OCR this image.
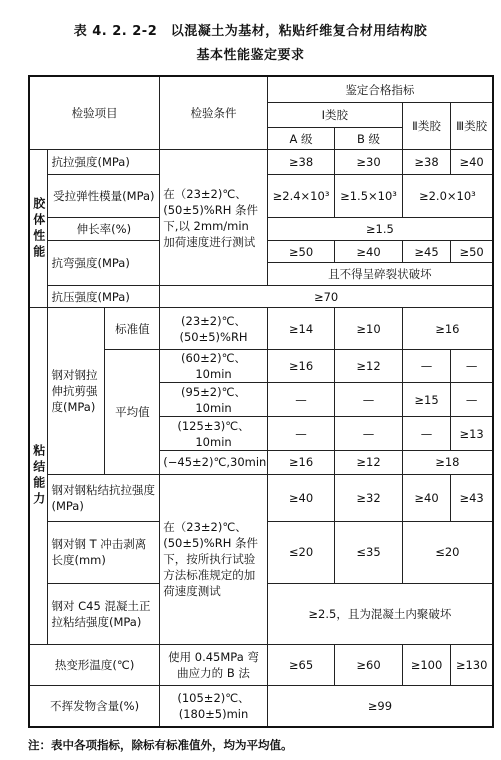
表 4. 2. 2-2　以混凝土为基材，粘贴纤维复合材用结构胶
基本性能鉴定要求
检验项目			检验条件	鉴定合格指标			
				Ⅰ类胶		Ⅱ类胶	Ⅲ类胶
				A 级	B 级		
胶体性能	抗拉强度(MPa)		在（23±2)℃、(50±5)%RH 条件下,以 2mm/min 加荷速度进行测试	≥38	≥30	≥38	≥40
	受拉弹性模量(MPa)			≥2.4×10³	≥1.5×10³	≥2.0×10³	
	伸长率(%)			≥1.5			
	抗弯强度(MPa)			≥50	≥40	≥45	≥50
				且不得呈碎裂状破坏			
	抗压强度(MPa)		≥70				
粘结能力	钢对钢拉伸抗剪强度(MPa)	标准值	(23±2)℃、(50±5)%RH	≥14	≥10	≥16	
		平均值	(60±2)℃、10min	≥16	≥12	—	—
			(95±2)℃、10min	—	—	≥15	—
			(125±3)℃、10min	—	—	—	≥13
			(−45±2)℃,30min	≥16	≥12	≥18	
	钢对钢粘结抗拉强度(MPa)		在（23±2)℃、(50±5)%RH 条件下，按所执行试验方法标准规定的加荷速度测试	≥40	≥32	≥40	≥43
	钢对钢 T 冲击剥离长度(mm)			≤20	≤35	≤20	
	钢对 C45 混凝土正拉粘结强度(MPa)			≥2.5，且为混凝土内聚破坏			
热变形温度(℃)			使用 0.45MPa 弯曲应力的 B 法	≥65	≥60	≥100	≥130
不挥发物含量(%)			(105±2)℃、(180±5)min	≥99			
注：表中各项指标，除标有标准值外，均为平均值。
